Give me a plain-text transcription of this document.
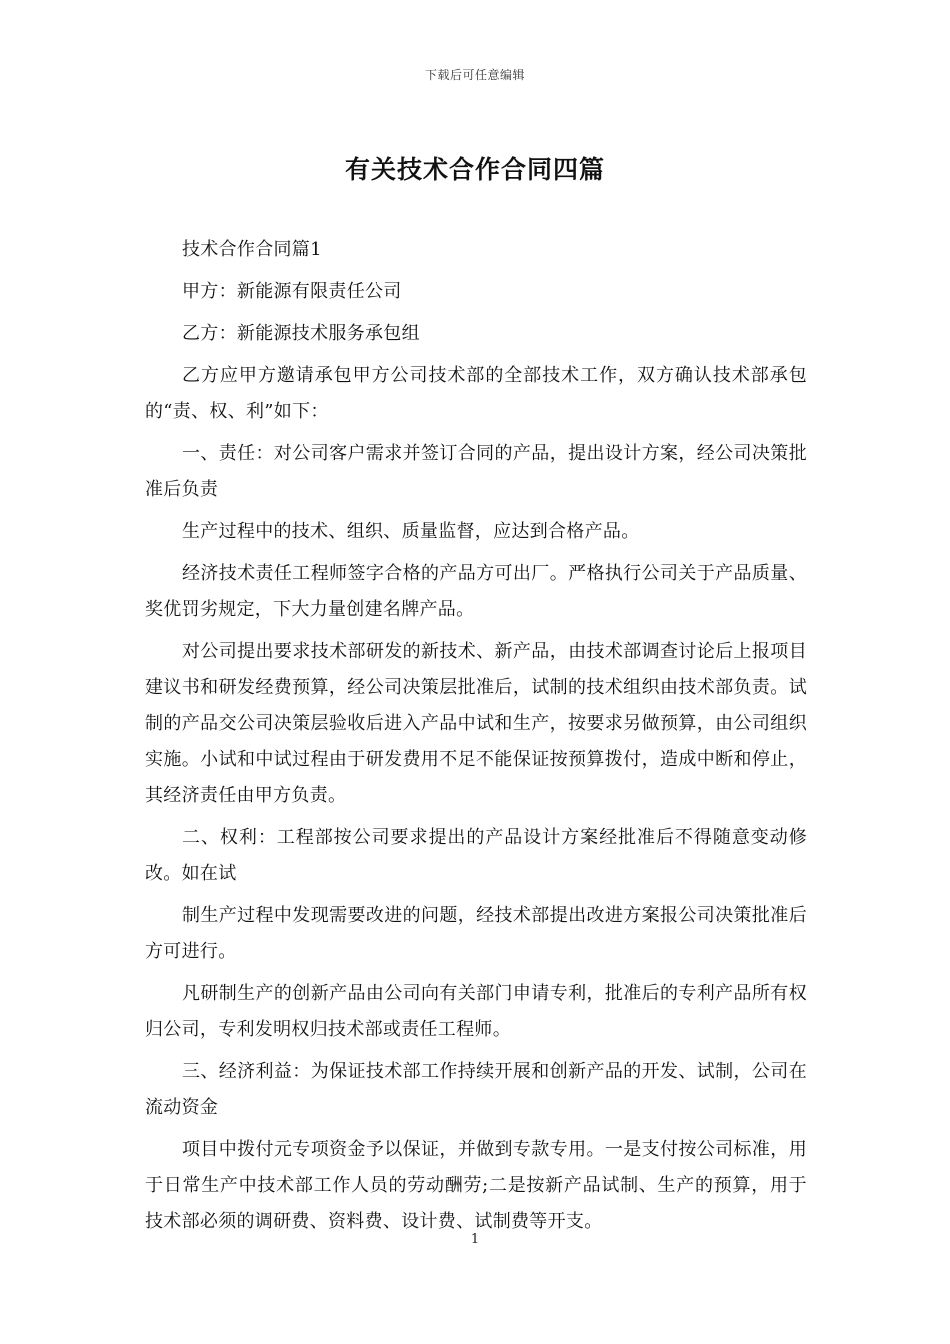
下载后可任意编辑
有关技术合作合同四篇

技术合作合同篇1

甲方：新能源有限责任公司

乙方：新能源技术服务承包组

乙方应甲方邀请承包甲方公司技术部的全部技术工作，双方确认技术部承包的“责、权、利”如下：

一、责任：对公司客户需求并签订合同的产品，提出设计方案，经公司决策批准后负责

生产过程中的技术、组织、质量监督，应达到合格产品。

经济技术责任工程师签字合格的产品方可出厂。严格执行公司关于产品质量、奖优罚劣规定，下大力量创建名牌产品。

对公司提出要求技术部研发的新技术、新产品，由技术部调查讨论后上报项目建议书和研发经费预算，经公司决策层批准后，试制的技术组织由技术部负责。试制的产品交公司决策层验收后进入产品中试和生产，按要求另做预算，由公司组织实施。小试和中试过程由于研发费用不足不能保证按预算拨付，造成中断和停止，其经济责任由甲方负责。

二、权利：工程部按公司要求提出的产品设计方案经批准后不得随意变动修改。如在试

制生产过程中发现需要改进的问题，经技术部提出改进方案报公司决策批准后方可进行。

凡研制生产的创新产品由公司向有关部门申请专利，批准后的专利产品所有权归公司，专利发明权归技术部或责任工程师。

三、经济利益：为保证技术部工作持续开展和创新产品的开发、试制，公司在流动资金

项目中拨付元专项资金予以保证，并做到专款专用。一是支付按公司标准，用于日常生产中技术部工作人员的劳动酬劳;二是按新产品试制、生产的预算，用于技术部必须的调研费、资料费、设计费、试制费等开支。

1
